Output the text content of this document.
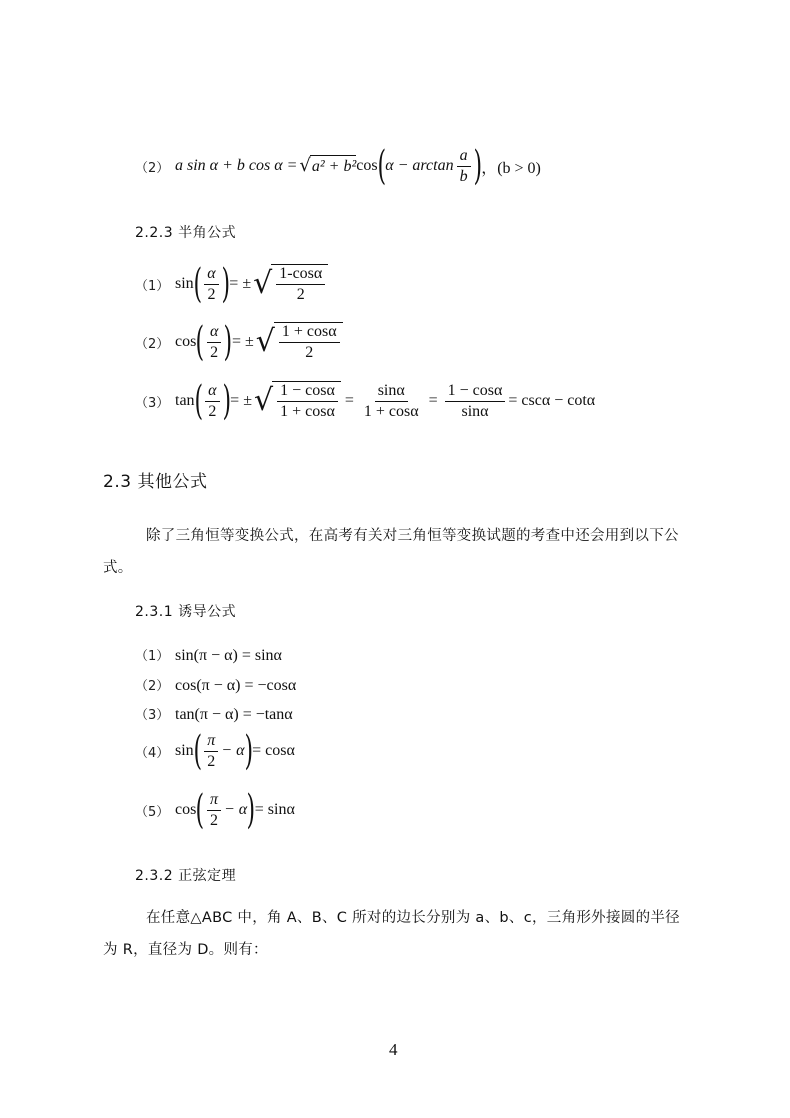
（2） a sin α + b cos α = √ a² + b² cos ( $\alpha - \arctan \frac{a}{b}$ ) ，(b > 0)
2.2.3 半角公式
（1） sin ( $\frac{\alpha}{2}$ ) = ± √ $\frac{1-\cos\alpha}{2}$
（2） cos ( $\frac{\alpha}{2}$ ) = ± √ $\frac{1 + \cos\alpha}{2}$
（3） tan ( $\frac{\alpha}{2}$ ) = ± √ $\frac{1 - \cos\alpha}{1 + \cos\alpha} = \frac{\sin\alpha}{1 + \cos\alpha} = \frac{1 - \cos\alpha}{\sin\alpha} = \csc\alpha - \cot\alpha$
2.3 其他公式
除了三角恒等变换公式，在高考有关对三角恒等变换试题的考查中还会用到以下公式。
2.3.1 诱导公式
（1） sin(π − α) = sinα
（2） cos(π − α) = −cosα
（3） tan(π − α) = −tanα
（4） sin ( $\frac{\pi}{2} - \alpha$ ) = cosα
（5） cos ( $\frac{\pi}{2} - \alpha$ ) = sinα
2.3.2 正弦定理
在任意△ABC 中，角 A、B、C 所对的边长分别为 a、b、c，三角形外接圆的半径为 R，直径为 D。则有：
4
